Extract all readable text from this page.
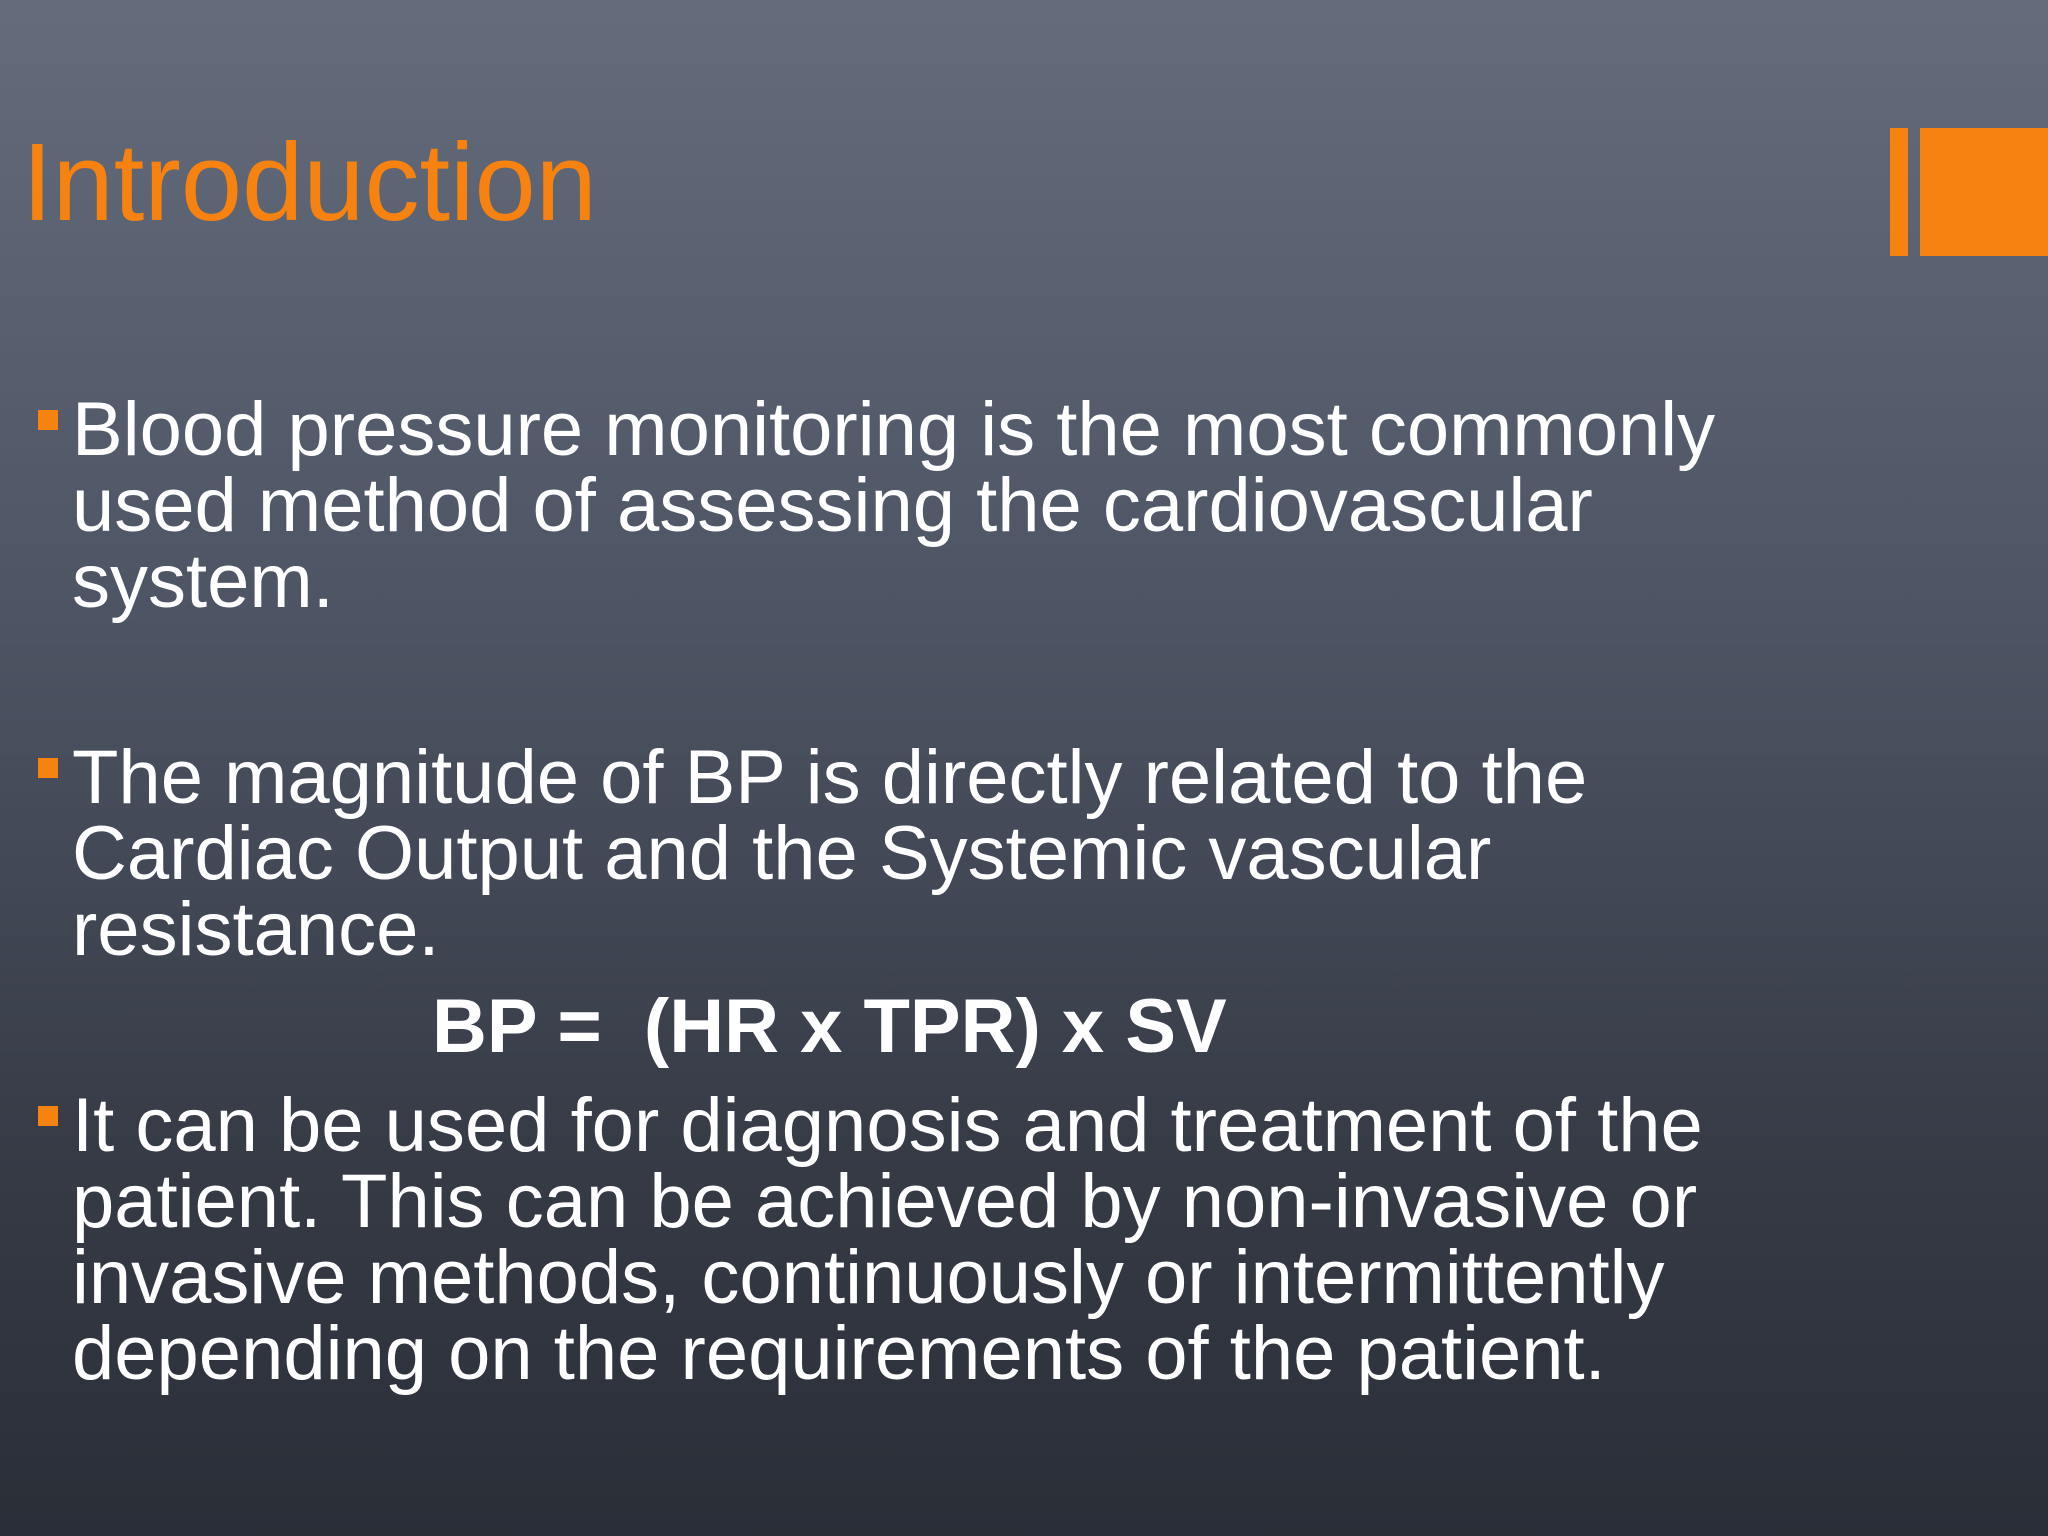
Introduction

Blood pressure monitoring is the most commonly
used method of assessing the cardiovascular
system.

The magnitude of BP is directly related to the
Cardiac Output and the Systemic vascular
resistance.

It can be used for diagnosis and treatment of the
patient. This can be achieved by non-invasive or
invasive methods, continuously or intermittently
depending on the requirements of the patient.

BP =  (HR x TPR) x SV
